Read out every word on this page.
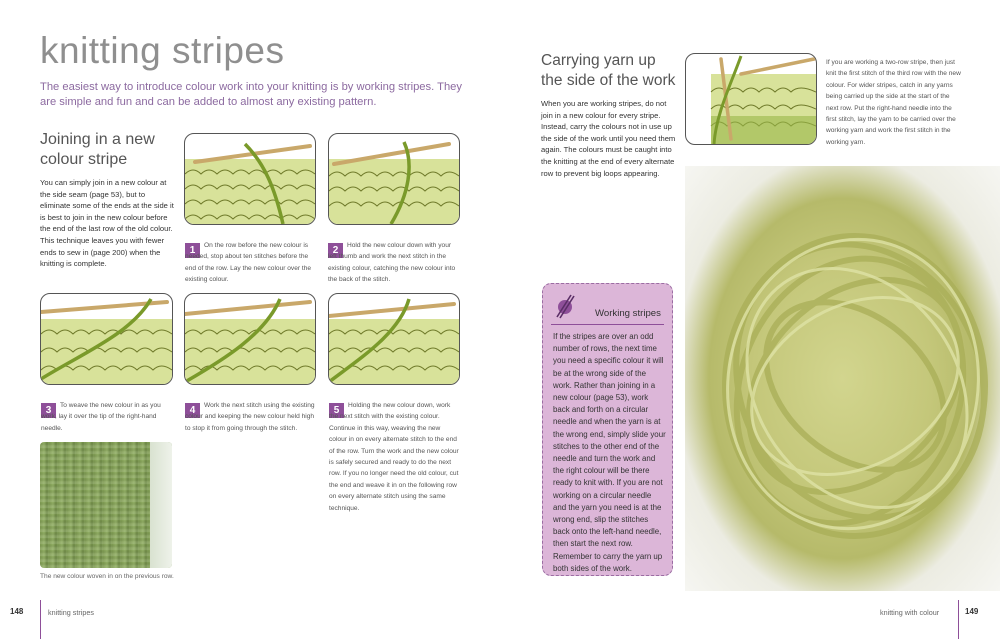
knitting stripes
The easiest way to introduce colour work into your knitting is by working stripes. They are simple and fun and can be added to almost any existing pattern.
Joining in a new colour stripe
You can simply join in a new colour at the side seam (page 53), but to eliminate some of the ends at the side it is best to join in the new colour before the end of the last row of the old colour. This technique leaves you with fewer ends to sew in (page 200) when the knitting is complete.
1	On the row before the new colour is needed, stop about ten stitches before the end of the row. Lay the new colour over the existing colour.
2	Hold the new colour down with your left thumb and work the next stitch in the existing colour, catching the new colour into the back of the stitch.
3	To weave the new colour in as you work, lay it over the tip of the right-hand needle.
4	Work the next stitch using the existing colour and keeping the new colour held high to stop it from going through the stitch.
5	Holding the new colour down, work the next stitch with the existing colour. Continue in this way, weaving the new colour in on every alternate stitch to the end of the row. Turn the work and the new colour is safely secured and ready to do the next row. If you no longer need the old colour, cut the end and weave it in on the following row on every alternate stitch using the same technique.
The new colour woven in on the previous row.
148	knitting stripes
Carrying yarn up the side of the work
When you are working stripes, do not join in a new colour for every stripe. Instead, carry the colours not in use up the side of the work until you need them again. The colours must be caught into the knitting at the end of every alternate row to prevent big loops appearing.
If you are working a two-row stripe, then just knit the first stitch of the third row with the new colour. For wider stripes, catch in any yarns being carried up the side at the start of the next row. Put the right-hand needle into the first stitch, lay the yarn to be carried over the working yarn and work the first stitch in the working yarn.
Working stripes
If the stripes are over an odd number of rows, the next time you need a specific colour it will be at the wrong side of the work. Rather than joining in a new colour (page 53), work back and forth on a circular needle and when the yarn is at the wrong end, simply slide your stitches to the other end of the needle and turn the work and the right colour will be there ready to knit with. If you are not working on a circular needle and the yarn you need is at the wrong end, slip the stitches back onto the left-hand needle, then start the next row. Remember to carry the yarn up both sides of the work.
knitting with colour	149
